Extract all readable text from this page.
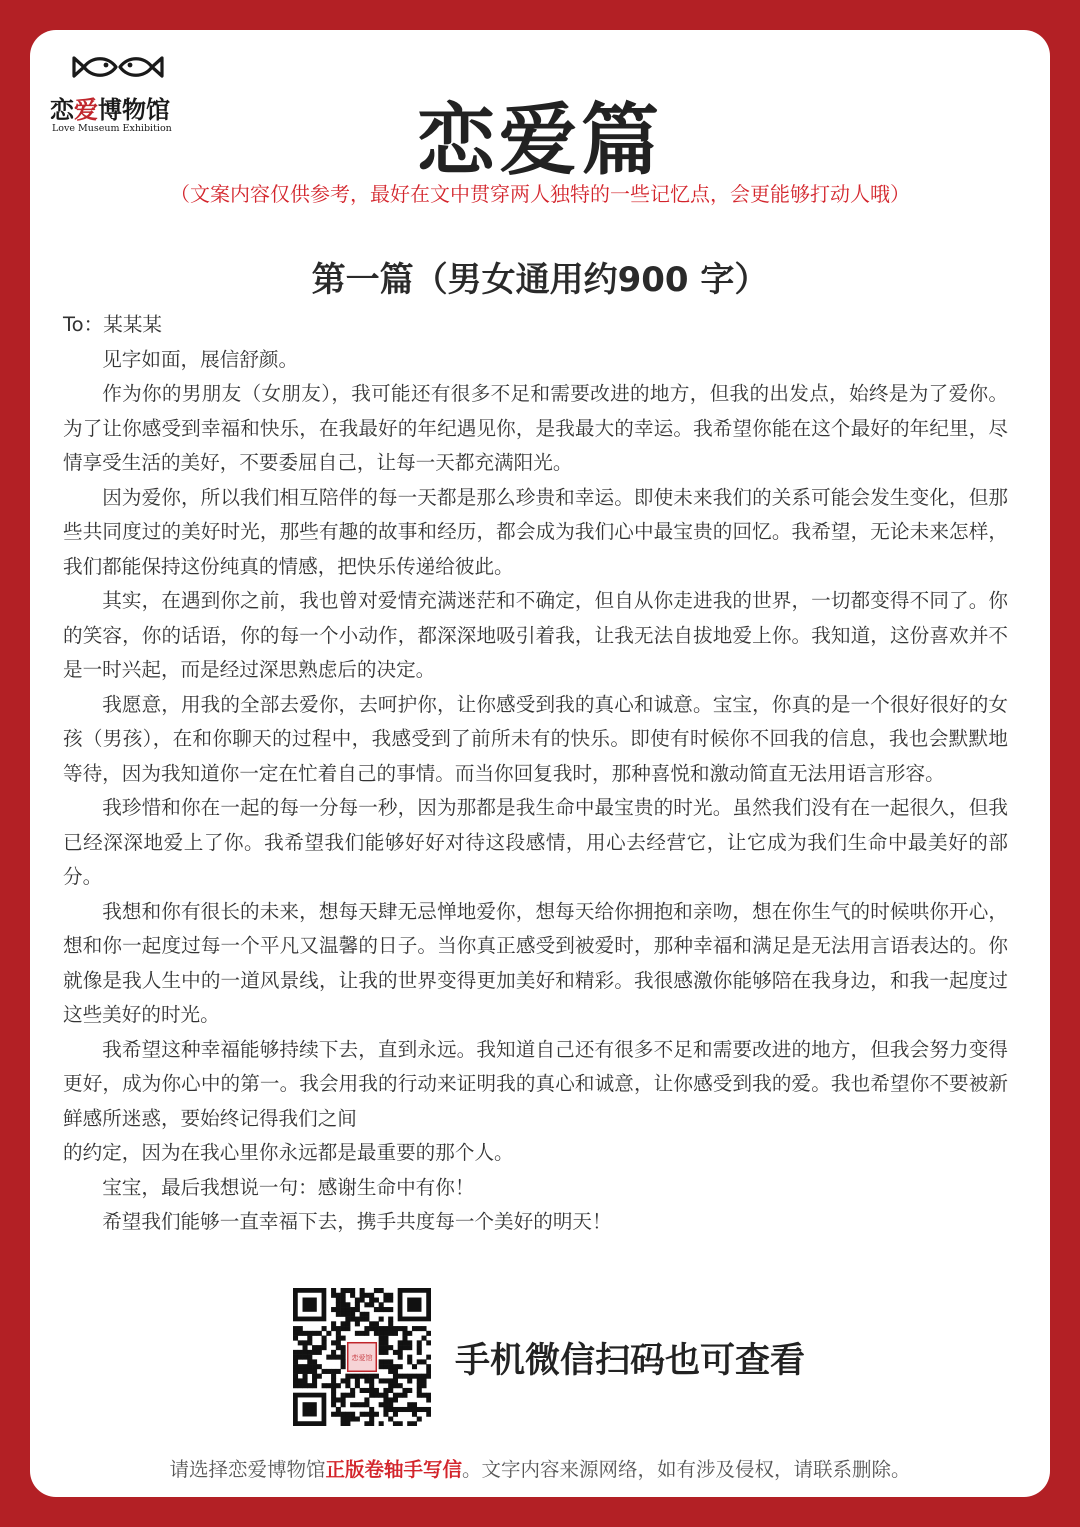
恋爱博物馆
Love Museum Exhibition	恋爱篇
（文案内容仅供参考，最好在文中贯穿两人独特的一些记忆点，会更能够打动人哦）
第一篇（男女通用约900 字）

To：某某某

见字如面，展信舒颜。

作为你的男朋友（女朋友），我可能还有很多不足和需要改进的地方，但我的出发点，始终是为了爱你。为了让你感受到幸福和快乐，在我最好的年纪遇见你，是我最大的幸运。我希望你能在这个最好的年纪里，尽情享受生活的美好，不要委屈自己，让每一天都充满阳光。

因为爱你，所以我们相互陪伴的每一天都是那么珍贵和幸运。即使未来我们的关系可能会发生变化，但那些共同度过的美好时光，那些有趣的故事和经历，都会成为我们心中最宝贵的回忆。我希望，无论未来怎样，我们都能保持这份纯真的情感，把快乐传递给彼此。

其实，在遇到你之前，我也曾对爱情充满迷茫和不确定，但自从你走进我的世界，一切都变得不同了。你的笑容，你的话语，你的每一个小动作，都深深地吸引着我，让我无法自拔地爱上你。我知道，这份喜欢并不是一时兴起，而是经过深思熟虑后的决定。

我愿意，用我的全部去爱你，去呵护你，让你感受到我的真心和诚意。宝宝，你真的是一个很好很好的女孩（男孩），在和你聊天的过程中，我感受到了前所未有的快乐。即使有时候你不回我的信息，我也会默默地等待，因为我知道你一定在忙着自己的事情。而当你回复我时，那种喜悦和激动简直无法用语言形容。

我珍惜和你在一起的每一分每一秒，因为那都是我生命中最宝贵的时光。虽然我们没有在一起很久，但我已经深深地爱上了你。我希望我们能够好好对待这段感情，用心去经营它，让它成为我们生命中最美好的部分。

我想和你有很长的未来，想每天肆无忌惮地爱你，想每天给你拥抱和亲吻，想在你生气的时候哄你开心，想和你一起度过每一个平凡又温馨的日子。当你真正感受到被爱时，那种幸福和满足是无法用言语表达的。你就像是我人生中的一道风景线，让我的世界变得更加美好和精彩。我很感激你能够陪在我身边，和我一起度过这些美好的时光。

我希望这种幸福能够持续下去，直到永远。我知道自己还有很多不足和需要改进的地方，但我会努力变得更好，成为你心中的第一。我会用我的行动来证明我的真心和诚意，让你感受到我的爱。我也希望你不要被新鲜感所迷惑，要始终记得我们之间

的约定，因为在我心里你永远都是最重要的那个人。

宝宝，最后我想说一句：感谢生命中有你！

希望我们能够一直幸福下去，携手共度每一个美好的明天！

恋爱馆 手机微信扫码也可查看
请选择恋爱博物馆正版卷轴手写信。文字内容来源网络，如有涉及侵权，请联系删除。
